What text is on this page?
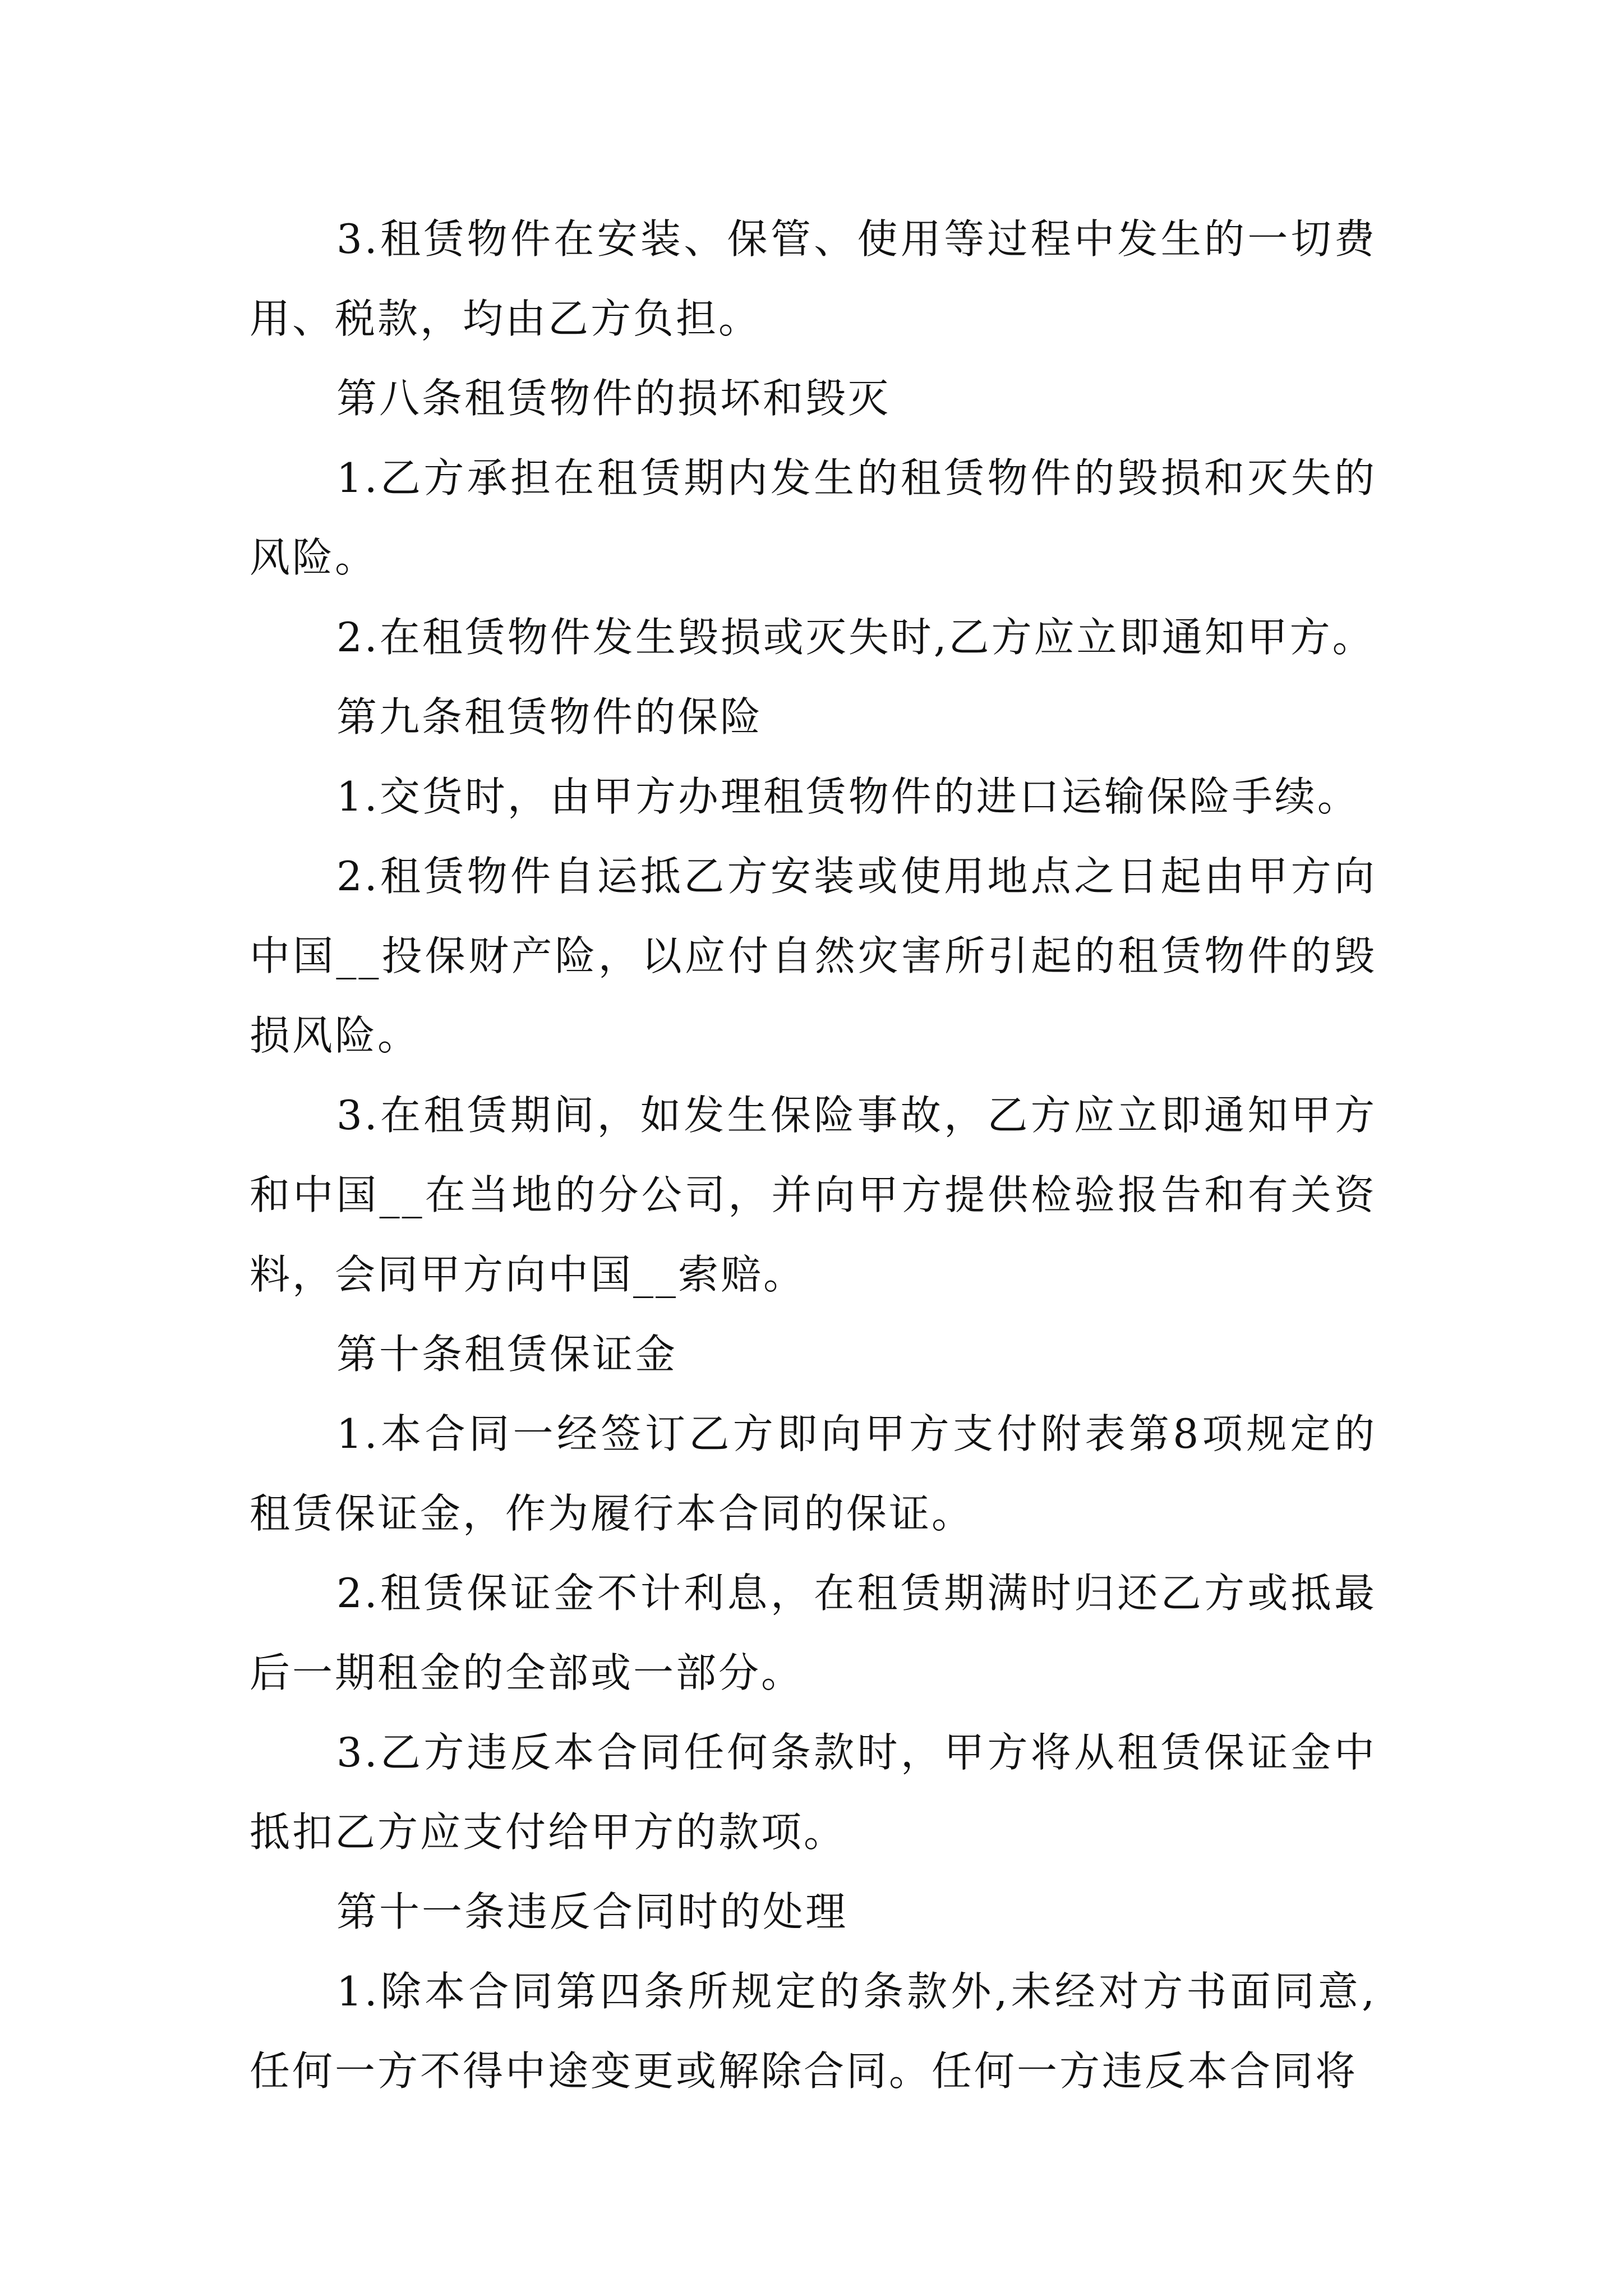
3.租赁物件在安装、保管、使用等过程中发生的一切费用、税款，均由乙方负担。

第八条租赁物件的损坏和毁灭

1.乙方承担在租赁期内发生的租赁物件的毁损和灭失的风险。

2.在租赁物件发生毁损或灭失时,乙方应立即通知甲方。

第九条租赁物件的保险

1.交货时，由甲方办理租赁物件的进口运输保险手续。

2.租赁物件自运抵乙方安装或使用地点之日起由甲方向中国__投保财产险，以应付自然灾害所引起的租赁物件的毁损风险。

3.在租赁期间，如发生保险事故，乙方应立即通知甲方和中国__在当地的分公司，并向甲方提供检验报告和有关资料，会同甲方向中国__索赔。

第十条租赁保证金

1.本合同一经签订乙方即向甲方支付附表第8项规定的租赁保证金，作为履行本合同的保证。

2.租赁保证金不计利息，在租赁期满时归还乙方或抵最后一期租金的全部或一部分。

3.乙方违反本合同任何条款时，甲方将从租赁保证金中抵扣乙方应支付给甲方的款项。

第十一条违反合同时的处理

1.除本合同第四条所规定的条款外,未经对方书面同意,任何一方不得中途变更或解除合同。任何一方违反本合同将
